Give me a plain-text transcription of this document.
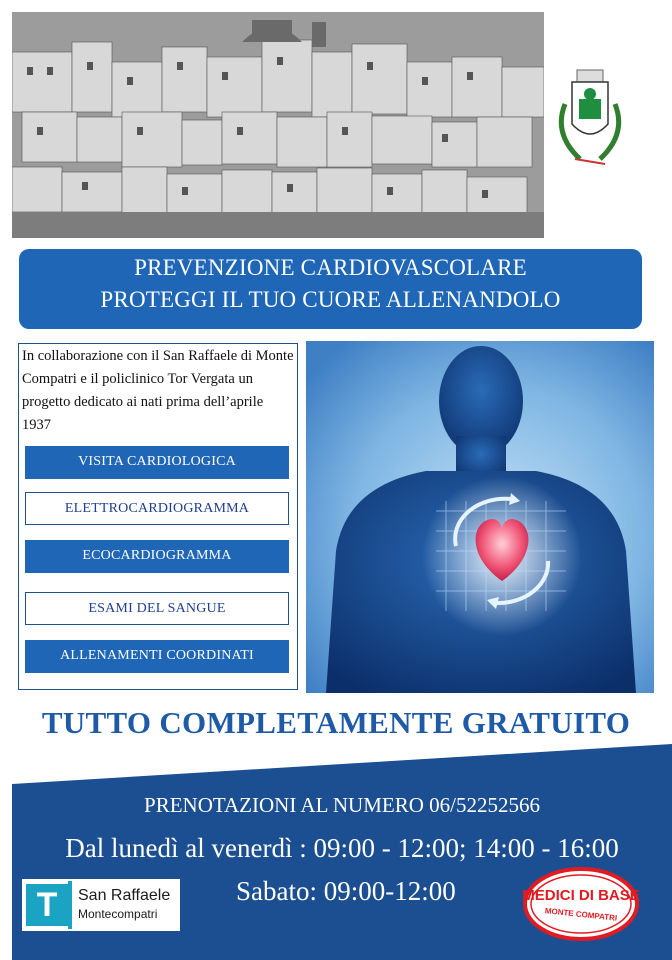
PREVENZIONE CARDIOVASCOLARE
PROTEGGI IL TUO CUORE ALLENANDOLO
In collaborazione con il San Raffaele di Monte Compatri e il policlinico Tor Vergata un progetto dedicato ai nati prima dell’aprile 1937
VISITA CARDIOLOGICA
ELETTROCARDIOGRAMMA
ECOCARDIOGRAMMA
ESAMI DEL SANGUE
ALLENAMENTI COORDINATI
TUTTO COMPLETAMENTE GRATUITO
PRENOTAZIONI AL NUMERO 06/52252566
Dal lunedì al venerdì : 09:00 - 12:00; 14:00 - 16:00
Sabato: 09:00-12:00
T	San Raffaele
Montecompatri
MEDICI DI BASE
MONTE COMPATRI
